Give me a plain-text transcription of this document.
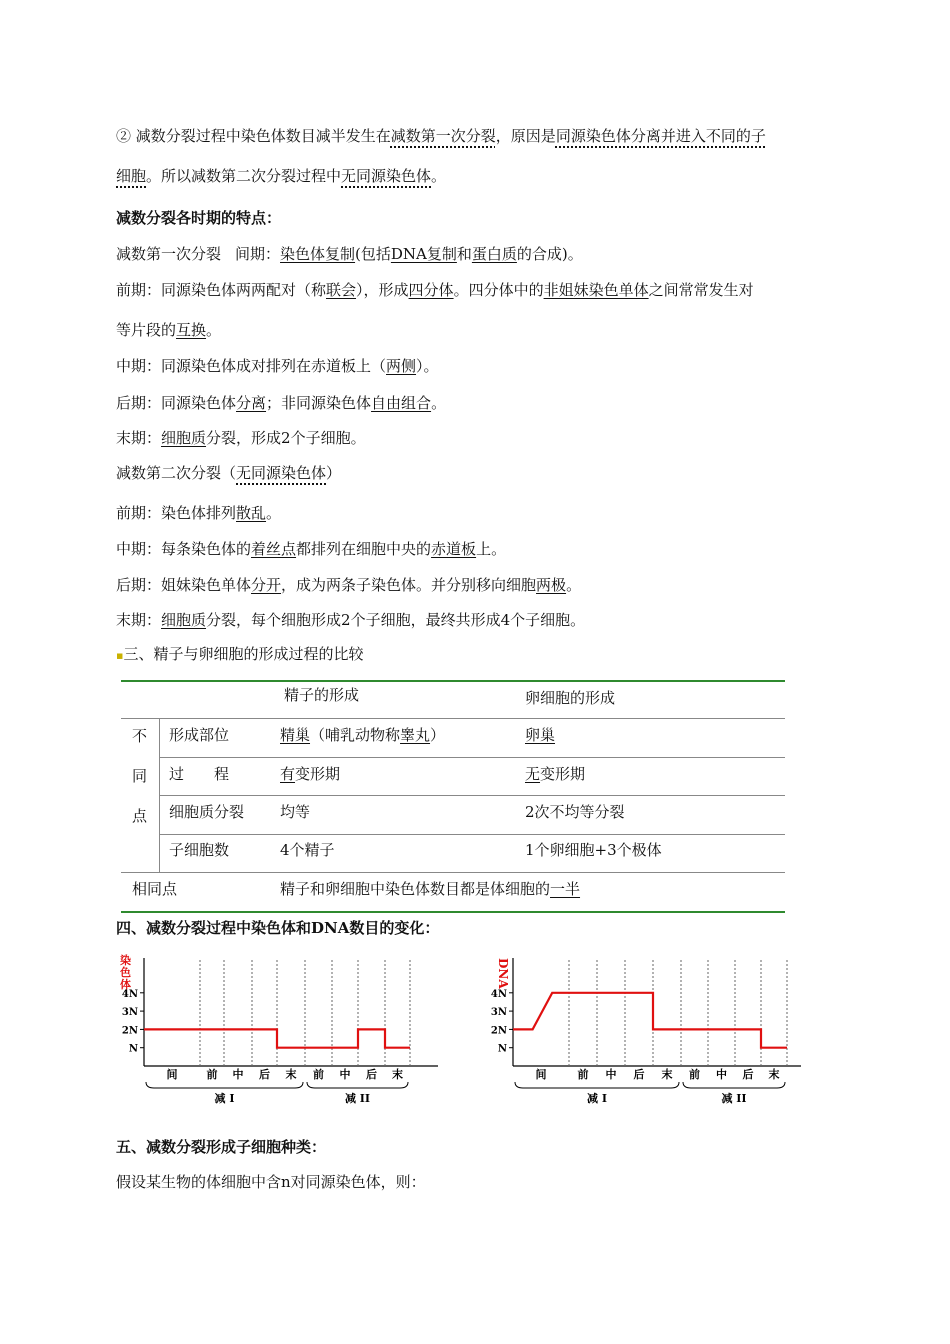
② 减数分裂过程中染色体数目减半发生在减数第一次分裂，原因是同源染色体分离并进入不同的子
细胞。所以减数第二次分裂过程中无同源染色体。
减数分裂各时期的特点：
减数第一次分裂 间期：染色体复制(包括DNA复制和蛋白质的合成)。
前期：同源染色体两两配对（称联会），形成四分体。四分体中的非姐妹染色单体之间常常发生对
等片段的互换。
中期：同源染色体成对排列在赤道板上（两侧）。
后期：同源染色体分离；非同源染色体自由组合。
末期：细胞质分裂，形成2个子细胞。
减数第二次分裂（无同源染色体）
前期：染色体排列散乱。
中期：每条染色体的着丝点都排列在细胞中央的赤道板上。
后期：姐妹染色单体分开，成为两条子染色体。并分别移向细胞两极。
末期：细胞质分裂，每个细胞形成2个子细胞，最终共形成4个子细胞。
▪三、精子与卵细胞的形成过程的比较
精子的形成	卵细胞的形成
不
同
点
形成部位	精巢（哺乳动物称睾丸）	卵巢
过　　程	有变形期	无变形期
细胞质分裂 均等	2次不均等分裂
子细胞数	4个精子	1个卵细胞+3个极体
相同点	精子和卵细胞中染色体数目都是体细胞的一半
四、减数分裂过程中染色体和DNA数目的变化：
染
色
体
N
2N
3N
4N
间	前 中 后 末 前 中 后 末
减 I	减 II
DNA
N
2N
3N
4N
间	前 中 后 末 前 中 后 末
减 I	减 II
五、减数分裂形成子细胞种类：
假设某生物的体细胞中含n对同源染色体，则：
